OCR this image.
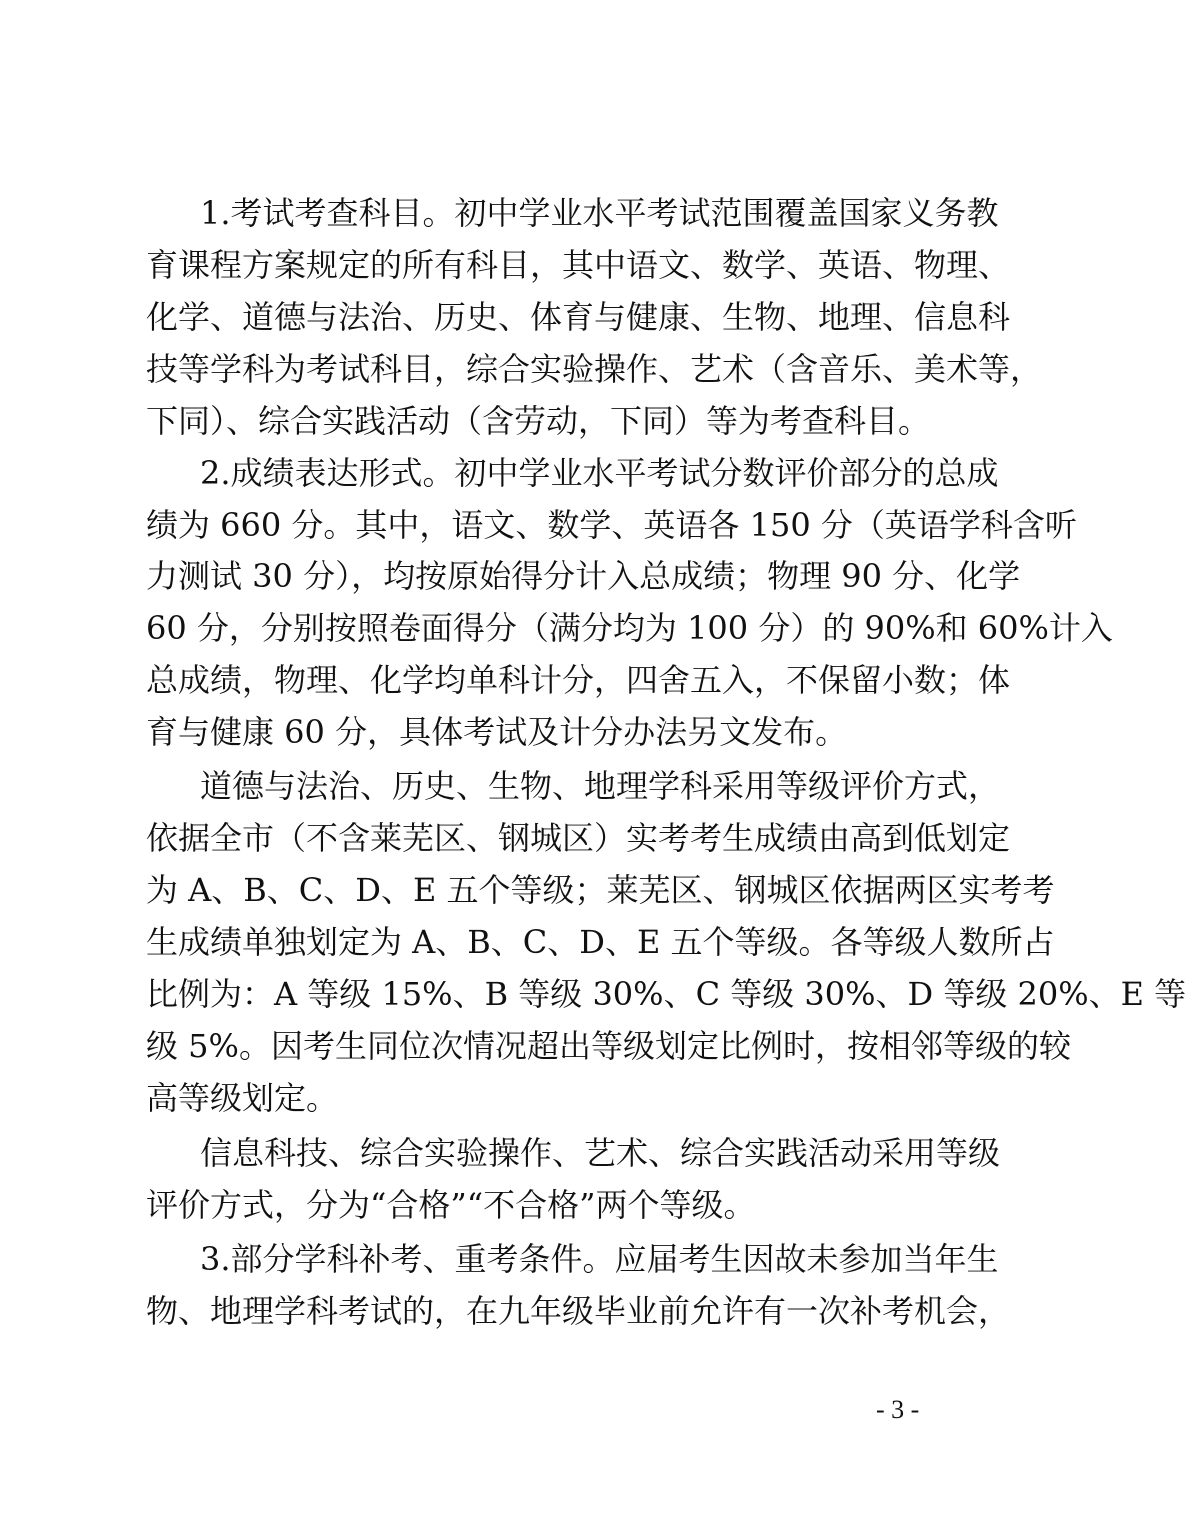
1.考试考查科目。初中学业水平考试范围覆盖国家义务教
育课程方案规定的所有科目，其中语文、数学、英语、物理、
化学、道德与法治、历史、体育与健康、生物、地理、信息科
技等学科为考试科目，综合实验操作、艺术（含音乐、美术等，
下同）、综合实践活动（含劳动，下同）等为考查科目。
2.成绩表达形式。初中学业水平考试分数评价部分的总成
绩为 660 分。其中，语文、数学、英语各 150 分（英语学科含听
力测试 30 分），均按原始得分计入总成绩；物理 90 分、化学
60 分，分别按照卷面得分（满分均为 100 分）的 90%和 60%计入
总成绩，物理、化学均单科计分，四舍五入，不保留小数；体
育与健康 60 分，具体考试及计分办法另文发布。
道德与法治、历史、生物、地理学科采用等级评价方式，
依据全市（不含莱芜区、钢城区）实考考生成绩由高到低划定
为 A、B、C、D、E 五个等级；莱芜区、钢城区依据两区实考考
生成绩单独划定为 A、B、C、D、E 五个等级。各等级人数所占
比例为：A 等级 15%、B 等级 30%、C 等级 30%、D 等级 20%、E 等
级 5%。因考生同位次情况超出等级划定比例时，按相邻等级的较
高等级划定。
信息科技、综合实验操作、艺术、综合实践活动采用等级
评价方式，分为“合格”“不合格”两个等级。
3.部分学科补考、重考条件。应届考生因故未参加当年生
物、地理学科考试的，在九年级毕业前允许有一次补考机会，
- 3 -
